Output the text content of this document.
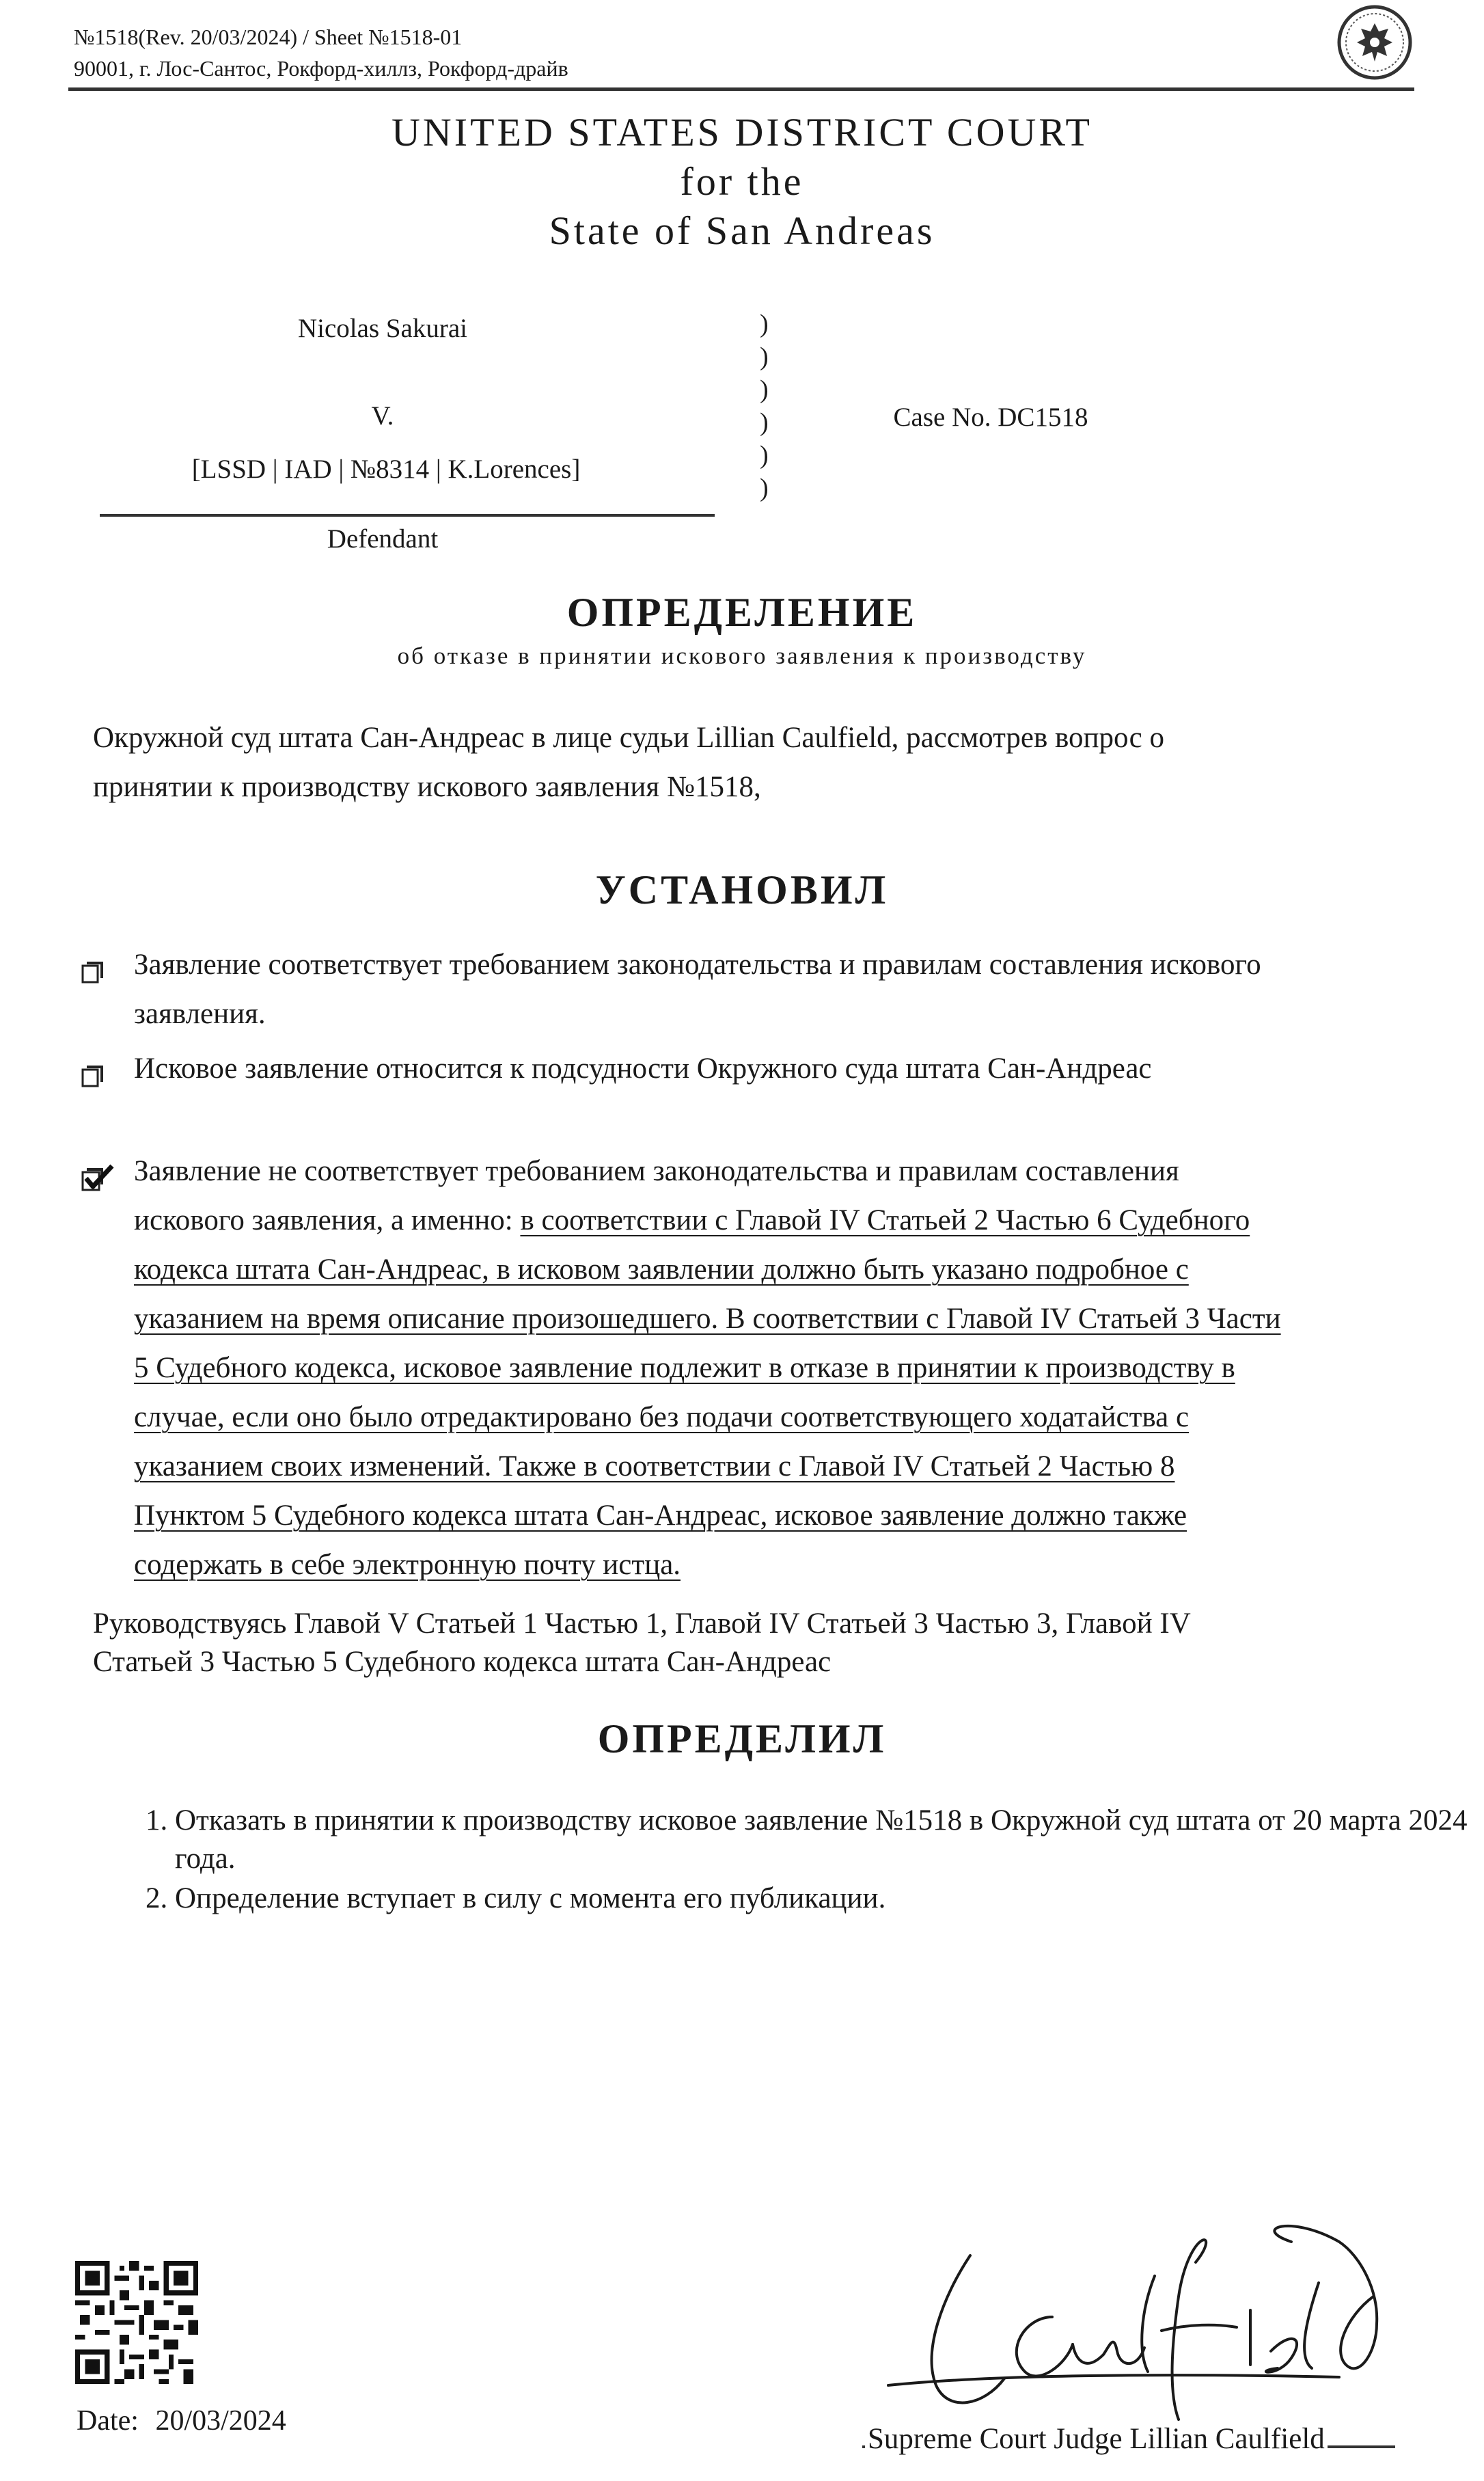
№1518(Rev. 20/03/2024) / Sheet №1518-01
90001, г. Лос-Сантос, Рокфорд-хиллз, Рокфорд-драйв
UNITED STATES DISTRICT COURT
for the
State of San Andreas
Nicolas Sakurai
V.
[LSSD | IAD | №8314 | K.Lorences]
Defendant
)
)
)
)
)
)
Case No. DC1518
ОПРЕДЕЛЕНИЕ
об отказе в принятии искового заявления к производству
Окружной суд штата Сан-Андреас в лице судьи Lillian Caulfield, рассмотрев вопрос о
принятии к производству искового заявления №1518,
УСТАНОВИЛ
Заявление соответствует требованием законодательства и правилам составления искового
заявления.
Исковое заявление относится к подсудности Окружного суда штата Сан-Андреас
Заявление не соответствует требованием законодательства и правилам составления
искового заявления, а именно: в соответствии с Главой IV Статьей 2 Частью 6 Судебного
кодекса штата Сан-Андреас, в исковом заявлении должно быть указано подробное с
указанием на время описание произошедшего. В соответствии с Главой IV Статьей 3 Части
5 Судебного кодекса, исковое заявление подлежит в отказе в принятии к производству в
случае, если оно было отредактировано без подачи соответствующего ходатайства с
указанием своих изменений. Также в соответствии с Главой IV Статьей 2 Частью 8
Пунктом 5 Судебного кодекса штата Сан-Андреас, исковое заявление должно также
содержать в себе электронную почту истца.
Руководствуясь Главой V Статьей 1 Частью 1, Главой IV Статьей 3 Частью 3, Главой IV
Статьей 3 Частью 5 Судебного кодекса штата Сан-Андреас
ОПРЕДЕЛИЛ
1. Отказать в принятии к производству исковое заявление №1518 в Окружной суд штата от 20 марта 2024 года.
2. Определение вступает в силу с момента его публикации.
Date: 20/03/2024
Supreme Court Judge Lillian Caulfield
